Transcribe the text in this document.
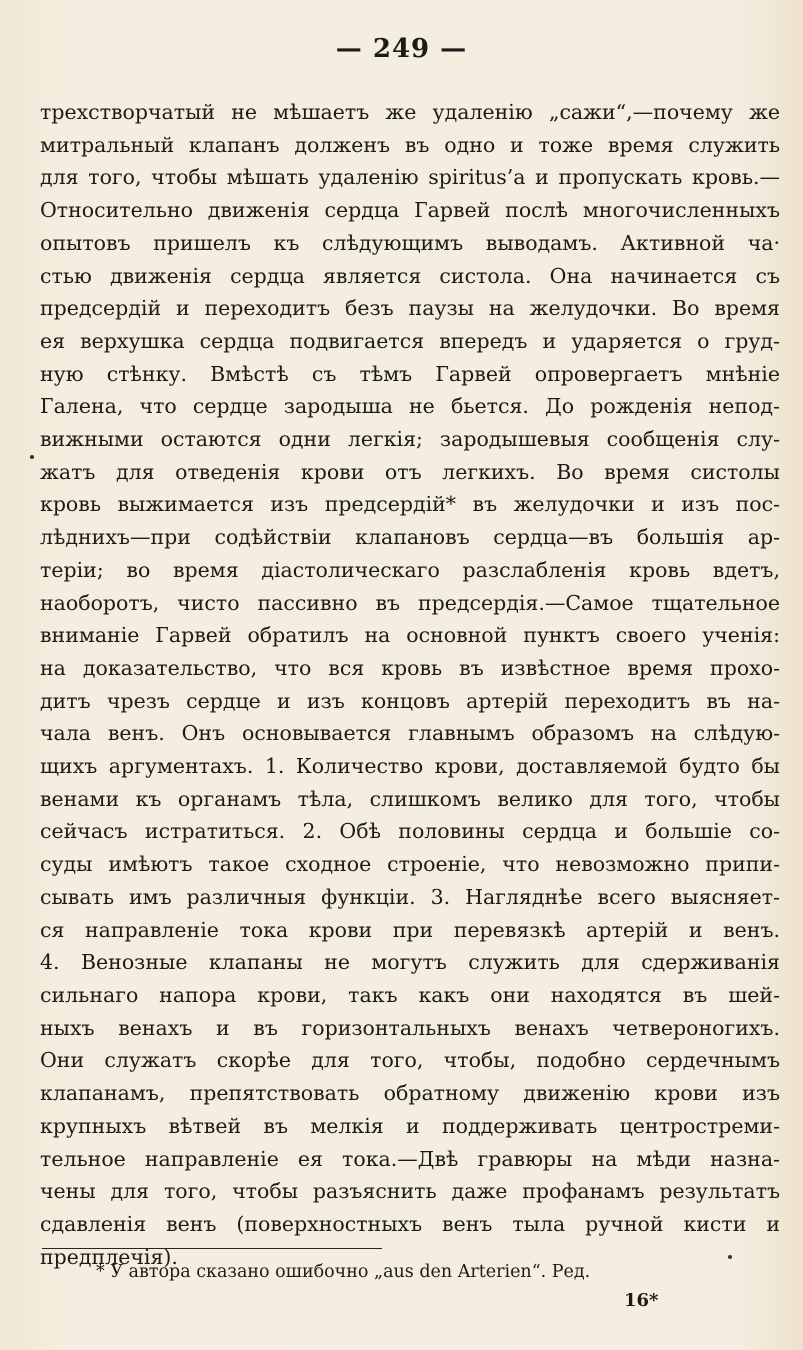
— 249 —
трехстворчатый не мѣшаетъ же удаленію „сажи“,—почему же
митральный клапанъ долженъ въ одно и тоже время служить
для того, чтобы мѣшать удаленію spiritus’a и пропускать кровь.—
Относительно движенія сердца Гарвей послѣ многочисленныхъ
опытовъ пришелъ къ слѣдующимъ выводамъ. Активной ча·
стью движенія сердца является систола. Она начинается съ
предсердій и переходитъ безъ паузы на желудочки. Во время
ея верхушка сердца подвигается впередъ и ударяется о груд-
ную стѣнку. Вмѣстѣ съ тѣмъ Гарвей опровергаетъ мнѣніе
Галена, что сердце зародыша не бьется. До рожденія непод-
вижными остаются одни легкія; зародышевыя сообщенія слу-
жатъ для отведенія крови отъ легкихъ. Во время систолы
кровь выжимается изъ предсердій* въ желудочки и изъ пос-
лѣднихъ—при содѣйствіи клапановъ сердца—въ большія ар-
теріи; во время діастолическаго разслабленія кровь вдетъ,
наоборотъ, чисто пассивно въ предсердія.—Самое тщательное
вниманіе Гарвей обратилъ на основной пунктъ своего ученія:
на доказательство, что вся кровь въ извѣстное время прохо-
дитъ чрезъ сердце и изъ концовъ артерій переходитъ въ на-
чала венъ. Онъ основывается главнымъ образомъ на слѣдую-
щихъ аргументахъ. 1. Количество крови, доставляемой будто бы
венами къ органамъ тѣла, слишкомъ велико для того, чтобы
сейчасъ истратиться. 2. Обѣ половины сердца и большіе со-
суды имѣютъ такое сходное строеніе, что невозможно припи-
сывать имъ различныя функціи. 3. Нагляднѣе всего выясняет-
ся направленіе тока крови при перевязкѣ артерій и венъ.
4. Венозные клапаны не могутъ служить для сдерживанія
сильнаго напора крови, такъ какъ они находятся въ шей-
ныхъ венахъ и въ горизонтальныхъ венахъ четвероногихъ.
Они служатъ скорѣе для того, чтобы, подобно сердечнымъ
клапанамъ, препятствовать обратному движенію крови изъ
крупныхъ вѣтвей въ мелкія и поддерживать центростреми-
тельное направленіе ея тока.—Двѣ гравюры на мѣди назна-
чены для того, чтобы разъяснить даже профанамъ результатъ
сдавленія венъ (поверхностныхъ венъ тыла ручной кисти и
предплечія).
* У автора сказано ошибочно „aus den Arterien“. Ред.
16*
